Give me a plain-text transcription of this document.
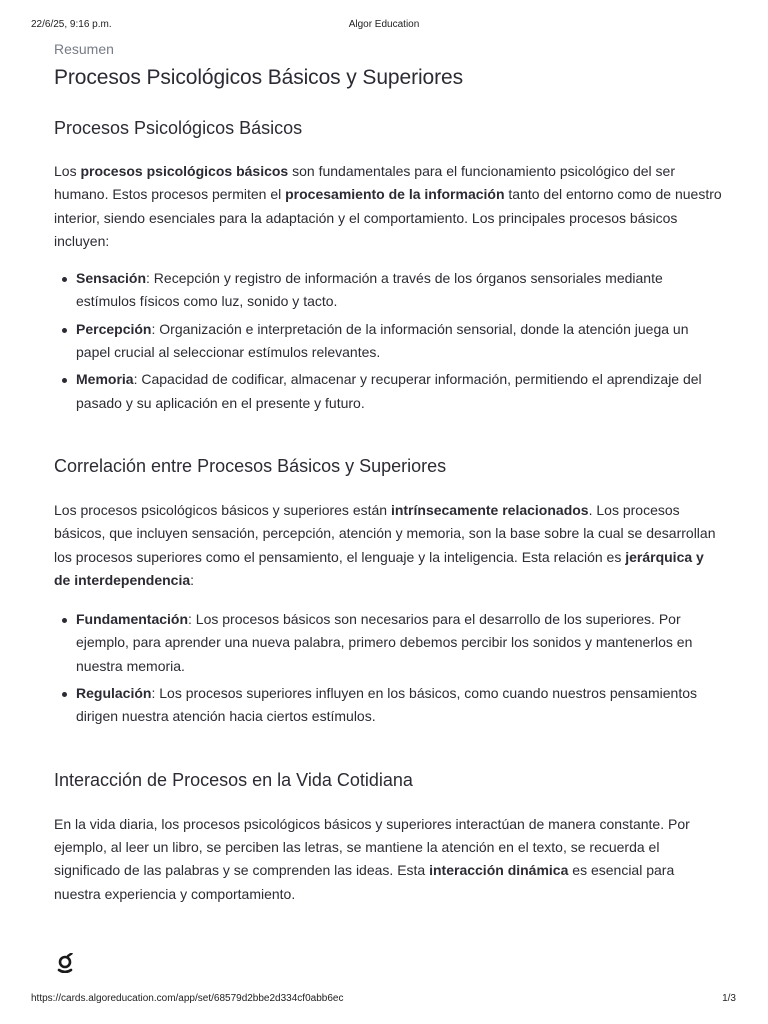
22/6/25, 9:16 p.m.	Algor Education

Resumen

Procesos Psicológicos Básicos y Superiores
Procesos Psicológicos Básicos

Los procesos psicológicos básicos son fundamentales para el funcionamiento psicológico del ser humano. Estos procesos permiten el procesamiento de la información tanto del entorno como de nuestro interior, siendo esenciales para la adaptación y el comportamiento. Los principales procesos básicos incluyen:

Sensación: Recepción y registro de información a través de los órganos sensoriales mediante estímulos físicos como luz, sonido y tacto.
Percepción: Organización e interpretación de la información sensorial, donde la atención juega un papel crucial al seleccionar estímulos relevantes.
Memoria: Capacidad de codificar, almacenar y recuperar información, permitiendo el aprendizaje del pasado y su aplicación en el presente y futuro.
Correlación entre Procesos Básicos y Superiores

Los procesos psicológicos básicos y superiores están intrínsecamente relacionados. Los procesos básicos, que incluyen sensación, percepción, atención y memoria, son la base sobre la cual se desarrollan los procesos superiores como el pensamiento, el lenguaje y la inteligencia. Esta relación es jerárquica y de interdependencia:

Fundamentación: Los procesos básicos son necesarios para el desarrollo de los superiores. Por ejemplo, para aprender una nueva palabra, primero debemos percibir los sonidos y mantenerlos en nuestra memoria.
Regulación: Los procesos superiores influyen en los básicos, como cuando nuestros pensamientos dirigen nuestra atención hacia ciertos estímulos.
Interacción de Procesos en la Vida Cotidiana

En la vida diaria, los procesos psicológicos básicos y superiores interactúan de manera constante. Por ejemplo, al leer un libro, se perciben las letras, se mantiene la atención en el texto, se recuerda el significado de las palabras y se comprenden las ideas. Esta interacción dinámica es esencial para nuestra experiencia y comportamiento.

https://cards.algoreducation.com/app/set/68579d2bbe2d334cf0abb6ec	1/3
